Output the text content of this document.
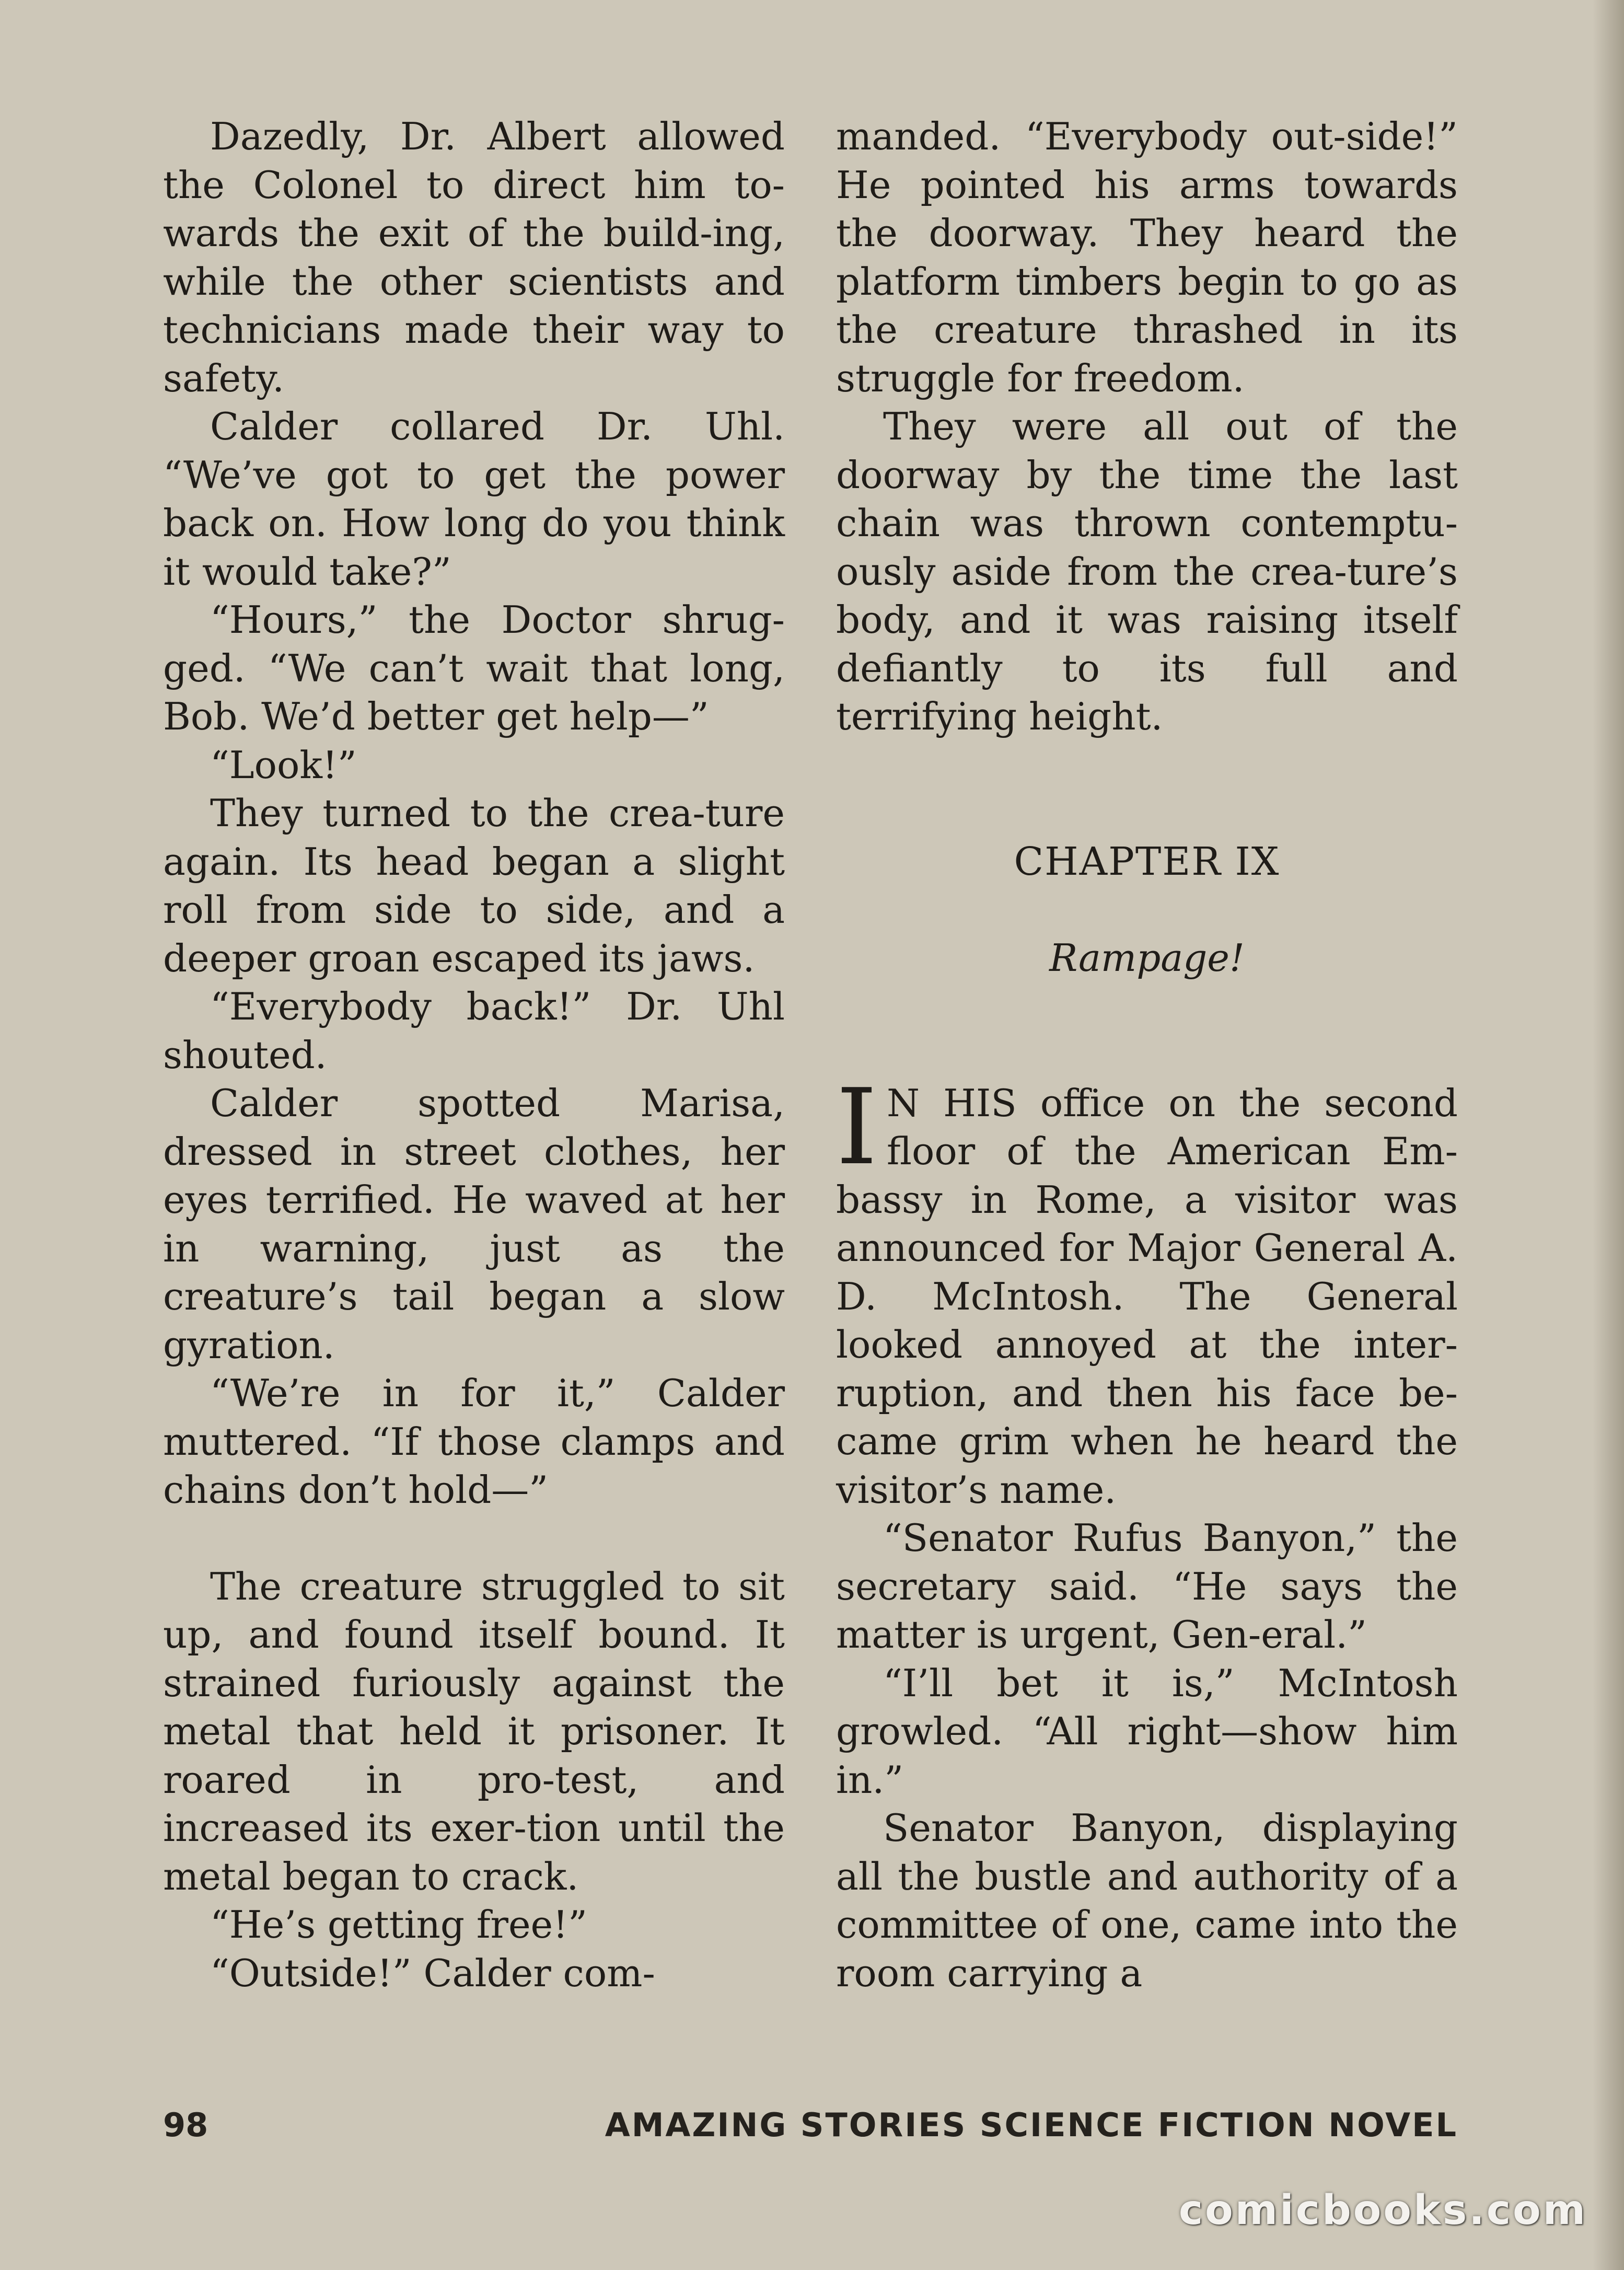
Dazedly, Dr. Albert allowed the Colonel to direct him to-wards the exit of the build-ing, while the other scientists and technicians made their way to safety.

Calder collared Dr. Uhl. “We’ve got to get the power back on. How long do you think it would take?”

“Hours,” the Doctor shrug-ged. “We can’t wait that long, Bob. We’d better get help—”

“Look!”

They turned to the crea-ture again. Its head began a slight roll from side to side, and a deeper groan escaped its jaws.

“Everybody back!” Dr. Uhl shouted.

Calder spotted Marisa, dressed in street clothes, her eyes terrified. He waved at her in warning, just as the creature’s tail began a slow gyration.

“We’re in for it,” Calder muttered. “If those clamps and chains don’t hold—”

The creature struggled to sit up, and found itself bound. It strained furiously against the metal that held it prisoner. It roared in pro-test, and increased its exer-tion until the metal began to crack.

“He’s getting free!”

“Outside!” Calder com-

manded. “Everybody out-side!” He pointed his arms towards the doorway. They heard the platform timbers begin to go as the creature thrashed in its struggle for freedom.

They were all out of the doorway by the time the last chain was thrown contemptu-ously aside from the crea-ture’s body, and it was raising itself defiantly to its full and terrifying height.

CHAPTER IX

Rampage!

I N HIS office on the second floor of the American Em-bassy in Rome, a visitor was announced for Major General A. D. McIntosh. The General looked annoyed at the inter-ruption, and then his face be-came grim when he heard the visitor’s name.

“Senator Rufus Banyon,” the secretary said. “He says the matter is urgent, Gen-eral.”

“I’ll bet it is,” McIntosh growled. “All right—show him in.”

Senator Banyon, displaying all the bustle and authority of a committee of one, came into the room carrying a

98	AMAZING STORIES SCIENCE FICTION NOVEL
comicbooks.com
